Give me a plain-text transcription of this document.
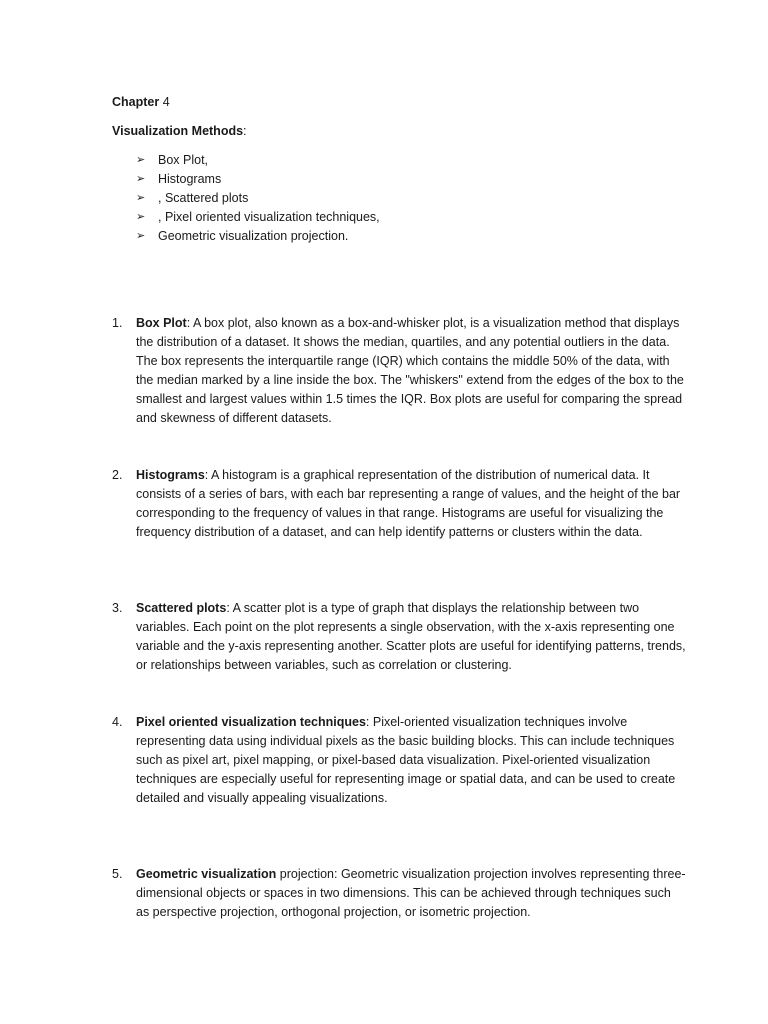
Chapter 4
Visualization Methods:
➢ Box Plot,
➢ Histograms
➢ , Scattered plots
➢ , Pixel oriented visualization techniques,
➢ Geometric visualization projection.
1.	Box Plot: A box plot, also known as a box-and-whisker plot, is a visualization method that displays the distribution of a dataset. It shows the median, quartiles, and any potential outliers in the data. The box represents the interquartile range (IQR) which contains the middle 50% of the data, with the median marked by a line inside the box. The "whiskers" extend from the edges of the box to the smallest and largest values within 1.5 times the IQR. Box plots are useful for comparing the spread and skewness of different datasets.
2.	Histograms: A histogram is a graphical representation of the distribution of numerical data. It consists of a series of bars, with each bar representing a range of values, and the height of the bar corresponding to the frequency of values in that range. Histograms are useful for visualizing the frequency distribution of a dataset, and can help identify patterns or clusters within the data.
3.	Scattered plots: A scatter plot is a type of graph that displays the relationship between two variables. Each point on the plot represents a single observation, with the x-axis representing one variable and the y-axis representing another. Scatter plots are useful for identifying patterns, trends, or relationships between variables, such as correlation or clustering.
4.	Pixel oriented visualization techniques: Pixel-oriented visualization techniques involve representing data using individual pixels as the basic building blocks. This can include techniques such as pixel art, pixel mapping, or pixel-based data visualization. Pixel-oriented visualization techniques are especially useful for representing image or spatial data, and can be used to create detailed and visually appealing visualizations.
5.	Geometric visualization projection: Geometric visualization projection involves representing three-dimensional objects or spaces in two dimensions. This can be achieved through techniques such as perspective projection, orthogonal projection, or isometric projection.
